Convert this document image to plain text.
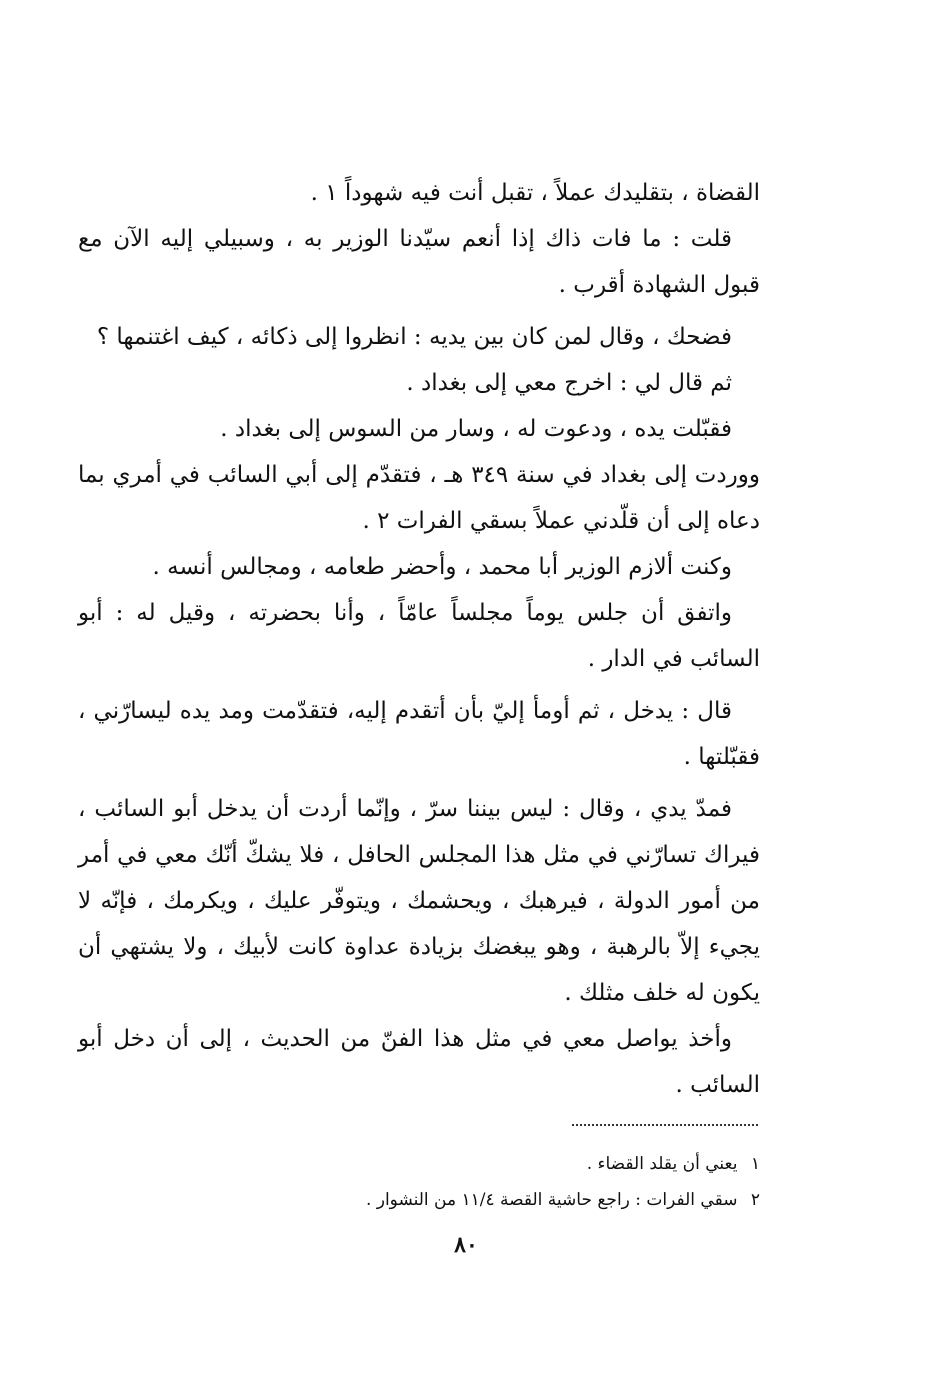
القضاة ، بتقليدك عملاً ، تقبل أنت فيه شهوداً ١ .

قلت : ما فات ذاك إذا أنعم سيّدنا الوزير به ، وسبيلي إليه الآن مع قبول الشهادة أقرب .

فضحك ، وقال لمن كان بين يديه : انظروا إلى ذكائه ، كيف اغتنمها ؟

ثم قال لي : اخرج معي إلى بغداد .

فقبّلت يده ، ودعوت له ، وسار من السوس إلى بغداد .

ووردت إلى بغداد في سنة ٣٤٩ هـ ، فتقدّم إلى أبي السائب في أمري بما دعاه إلى أن قلّدني عملاً بسقي الفرات ٢ .

وكنت ألازم الوزير أبا محمد ، وأحضر طعامه ، ومجالس أنسه .

واتفق أن جلس يوماً مجلساً عامّاً ، وأنا بحضرته ، وقيل له : أبو السائب في الدار .

قال : يدخل ، ثم أومأ إليّ بأن أتقدم إليه، فتقدّمت ومد يده ليسارّني ، فقبّلتها .

فمدّ يدي ، وقال : ليس بيننا سرّ ، وإنّما أردت أن يدخل أبو السائب ، فيراك تسارّني في مثل هذا المجلس الحافل ، فلا يشكّ أنّك معي في أمر من أمور الدولة ، فيرهبك ، ويحشمك ، ويتوفّر عليك ، ويكرمك ، فإنّه لا يجيء إلاّ بالرهبة ، وهو يبغضك بزيادة عداوة كانت لأبيك ، ولا يشتهي أن يكون له خلف مثلك .

وأخذ يواصل معي في مثل هذا الفنّ من الحديث ، إلى أن دخل أبو السائب .

١ يعني أن يقلد القضاء .

٢ سقي الفرات : راجع حاشية القصة ١١/٤ من النشوار .

٨٠
